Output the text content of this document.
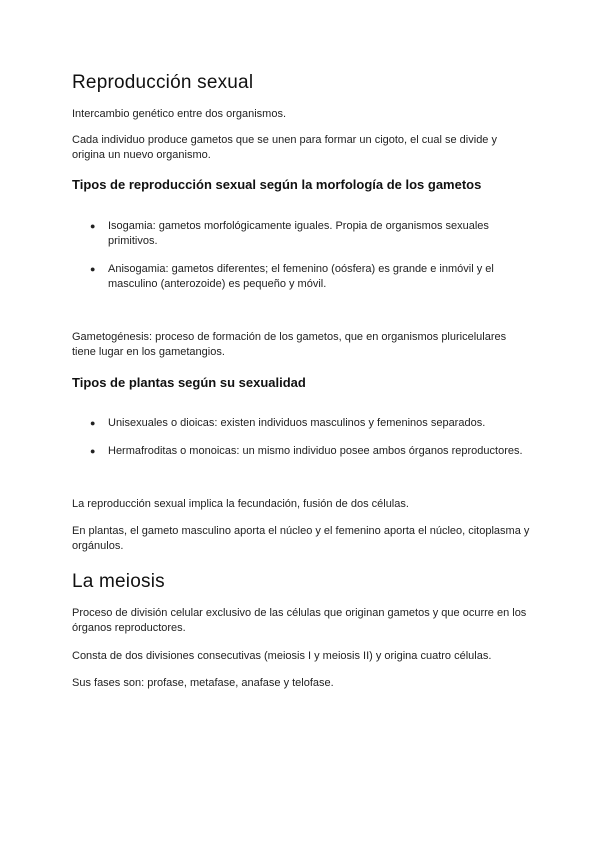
Reproducción sexual

Intercambio genético entre dos organismos.

Cada individuo produce gametos que se unen para formar un cigoto, el cual se divide y origina un nuevo organismo.

Tipos de reproducción sexual según la morfología de los gametos
● Isogamia: gametos morfológicamente iguales. Propia de organismos sexuales primitivos.

● Anisogamia: gametos diferentes; el femenino (oósfera) es grande e inmóvil y el masculino (anterozoide) es pequeño y móvil.

Gametogénesis: proceso de formación de los gametos, que en organismos pluricelulares tiene lugar en los gametangios.

Tipos de plantas según su sexualidad
● Unisexuales o dioicas: existen individuos masculinos y femeninos separados.

● Hermafroditas o monoicas: un mismo individuo posee ambos órganos reproductores.

La reproducción sexual implica la fecundación, fusión de dos células.

En plantas, el gameto masculino aporta el núcleo y el femenino aporta el núcleo, citoplasma y orgánulos.

La meiosis

Proceso de división celular exclusivo de las células que originan gametos y que ocurre en los órganos reproductores.

Consta de dos divisiones consecutivas (meiosis I y meiosis II) y origina cuatro células.

Sus fases son: profase, metafase, anafase y telofase.
